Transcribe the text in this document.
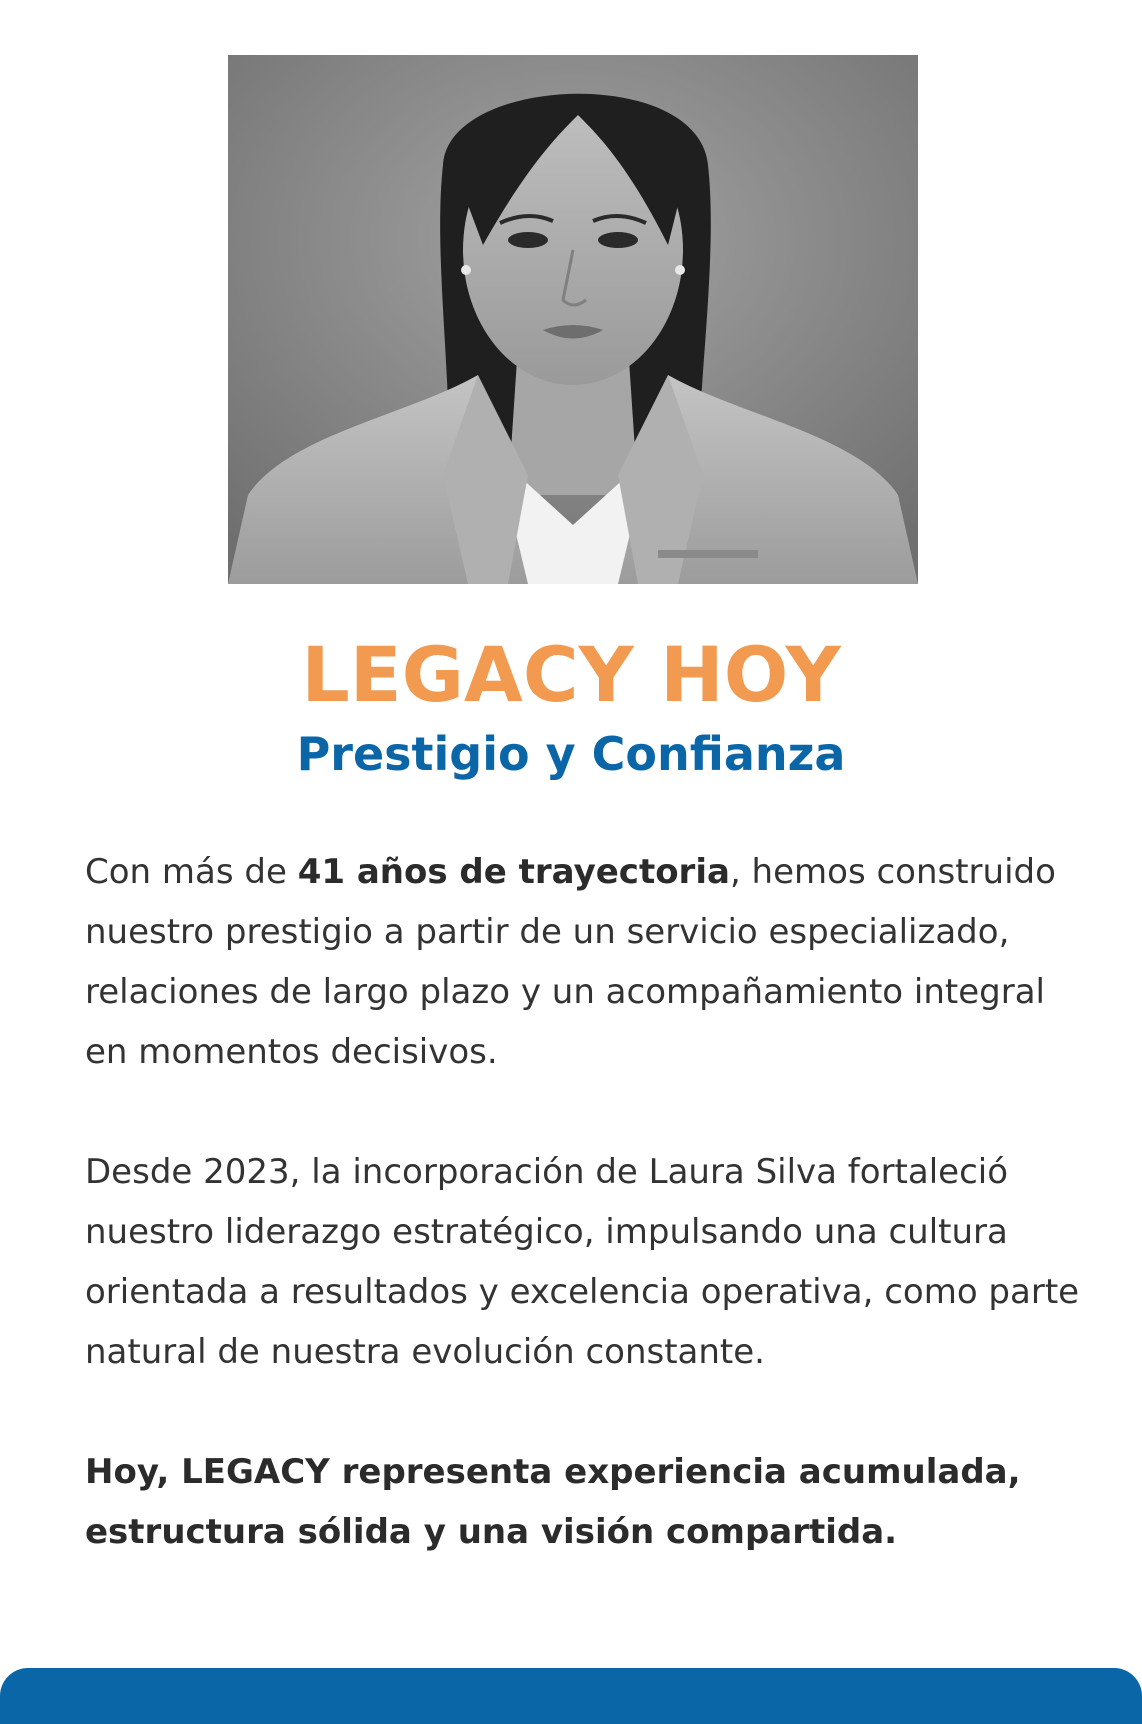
LEGACY HOY
Prestigio y Confianza

Con más de 41 años de trayectoria, hemos construido nuestro prestigio a partir de un servicio especializado, relaciones de largo plazo y un acompañamiento integral en momentos decisivos.

Desde 2023, la incorporación de Laura Silva fortaleció nuestro liderazgo estratégico, impulsando una cultura orientada a resultados y excelencia operativa, como parte natural de nuestra evolución constante.

Hoy, LEGACY representa experiencia acumulada, estructura sólida y una visión compartida.
